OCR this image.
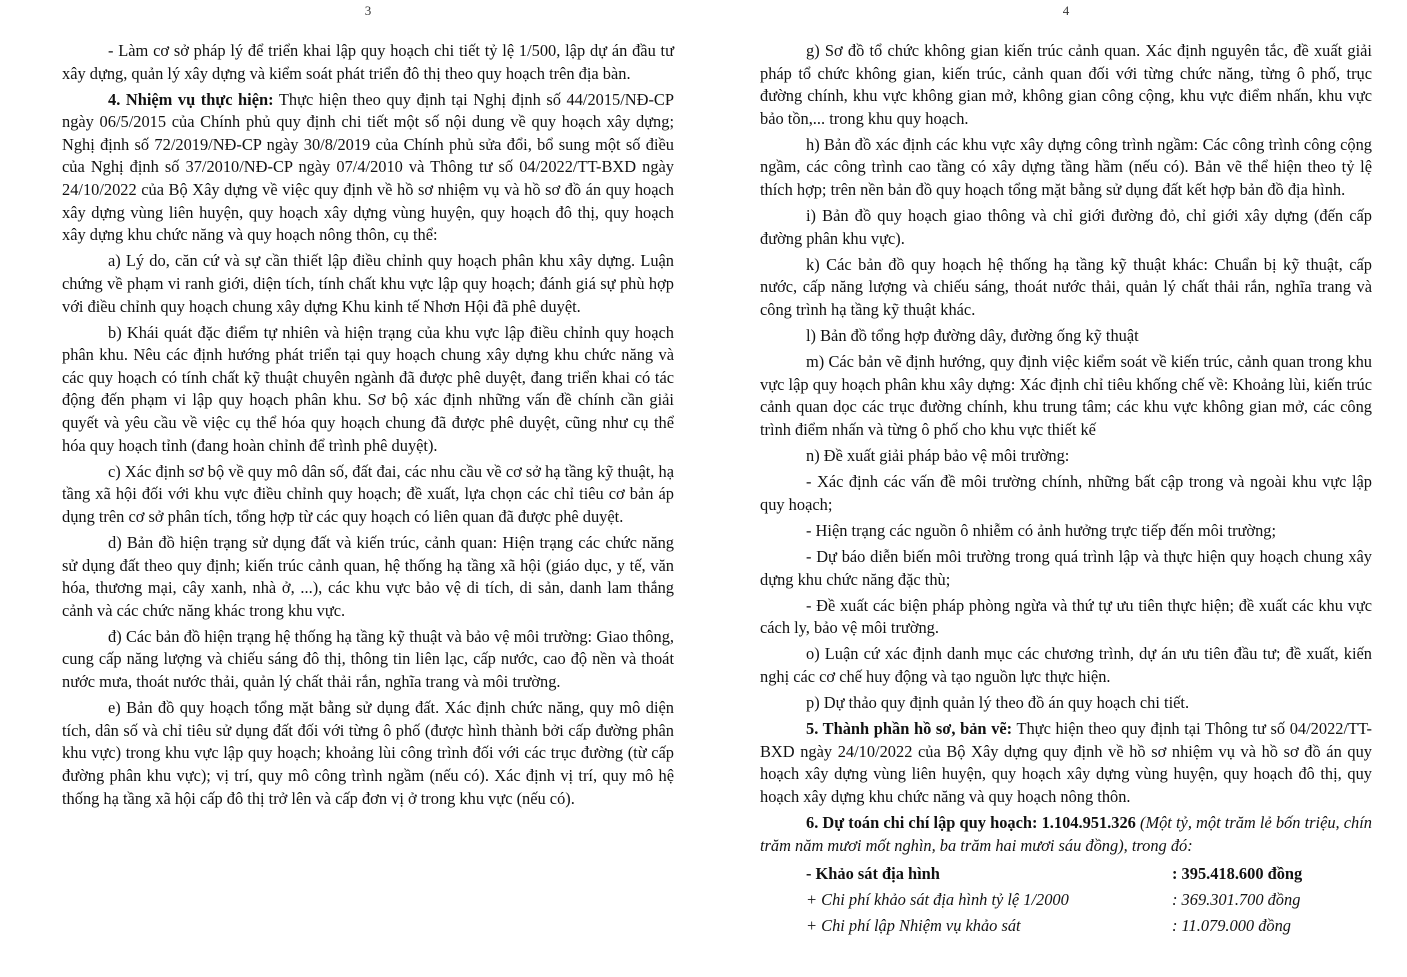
3

- Làm cơ sở pháp lý để triển khai lập quy hoạch chi tiết tỷ lệ 1/500, lập dự án đầu tư xây dựng, quản lý xây dựng và kiểm soát phát triển đô thị theo quy hoạch trên địa bàn.

4. Nhiệm vụ thực hiện: Thực hiện theo quy định tại Nghị định số 44/2015/NĐ-CP ngày 06/5/2015 của Chính phủ quy định chi tiết một số nội dung về quy hoạch xây dựng; Nghị định số 72/2019/NĐ-CP ngày 30/8/2019 của Chính phủ sửa đổi, bổ sung một số điều của Nghị định số 37/2010/NĐ-CP ngày 07/4/2010 và Thông tư số 04/2022/TT-BXD ngày 24/10/2022 của Bộ Xây dựng về việc quy định về hồ sơ nhiệm vụ và hồ sơ đồ án quy hoạch xây dựng vùng liên huyện, quy hoạch xây dựng vùng huyện, quy hoạch đô thị, quy hoạch xây dựng khu chức năng và quy hoạch nông thôn, cụ thể:

a) Lý do, căn cứ và sự cần thiết lập điều chỉnh quy hoạch phân khu xây dựng. Luận chứng về phạm vi ranh giới, diện tích, tính chất khu vực lập quy hoạch; đánh giá sự phù hợp với điều chỉnh quy hoạch chung xây dựng Khu kinh tế Nhơn Hội đã phê duyệt.

b) Khái quát đặc điểm tự nhiên và hiện trạng của khu vực lập điều chỉnh quy hoạch phân khu. Nêu các định hướng phát triển tại quy hoạch chung xây dựng khu chức năng và các quy hoạch có tính chất kỹ thuật chuyên ngành đã được phê duyệt, đang triển khai có tác động đến phạm vi lập quy hoạch phân khu. Sơ bộ xác định những vấn đề chính cần giải quyết và yêu cầu về việc cụ thể hóa quy hoạch chung đã được phê duyệt, cũng như cụ thể hóa quy hoạch tỉnh (đang hoàn chỉnh để trình phê duyệt).

c) Xác định sơ bộ về quy mô dân số, đất đai, các nhu cầu về cơ sở hạ tầng kỹ thuật, hạ tầng xã hội đối với khu vực điều chỉnh quy hoạch; đề xuất, lựa chọn các chỉ tiêu cơ bản áp dụng trên cơ sở phân tích, tổng hợp từ các quy hoạch có liên quan đã được phê duyệt.

d) Bản đồ hiện trạng sử dụng đất và kiến trúc, cảnh quan: Hiện trạng các chức năng sử dụng đất theo quy định; kiến trúc cảnh quan, hệ thống hạ tầng xã hội (giáo dục, y tế, văn hóa, thương mại, cây xanh, nhà ở, ...), các khu vực bảo vệ di tích, di sản, danh lam thắng cảnh và các chức năng khác trong khu vực.

đ) Các bản đồ hiện trạng hệ thống hạ tầng kỹ thuật và bảo vệ môi trường: Giao thông, cung cấp năng lượng và chiếu sáng đô thị, thông tin liên lạc, cấp nước, cao độ nền và thoát nước mưa, thoát nước thải, quản lý chất thải rắn, nghĩa trang và môi trường.

e) Bản đồ quy hoạch tổng mặt bằng sử dụng đất. Xác định chức năng, quy mô diện tích, dân số và chỉ tiêu sử dụng đất đối với từng ô phố (được hình thành bởi cấp đường phân khu vực) trong khu vực lập quy hoạch; khoảng lùi công trình đối với các trục đường (từ cấp đường phân khu vực); vị trí, quy mô công trình ngầm (nếu có). Xác định vị trí, quy mô hệ thống hạ tầng xã hội cấp đô thị trở lên và cấp đơn vị ở trong khu vực (nếu có).

4

g) Sơ đồ tổ chức không gian kiến trúc cảnh quan. Xác định nguyên tắc, đề xuất giải pháp tổ chức không gian, kiến trúc, cảnh quan đối với từng chức năng, từng ô phố, trục đường chính, khu vực không gian mở, không gian công cộng, khu vực điểm nhấn, khu vực bảo tồn,... trong khu quy hoạch.

h) Bản đồ xác định các khu vực xây dựng công trình ngầm: Các công trình công cộng ngầm, các công trình cao tầng có xây dựng tầng hầm (nếu có). Bản vẽ thể hiện theo tỷ lệ thích hợp; trên nền bản đồ quy hoạch tổng mặt bằng sử dụng đất kết hợp bản đồ địa hình.

i) Bản đồ quy hoạch giao thông và chỉ giới đường đỏ, chỉ giới xây dựng (đến cấp đường phân khu vực).

k) Các bản đồ quy hoạch hệ thống hạ tầng kỹ thuật khác: Chuẩn bị kỹ thuật, cấp nước, cấp năng lượng và chiếu sáng, thoát nước thải, quản lý chất thải rắn, nghĩa trang và công trình hạ tầng kỹ thuật khác.

l) Bản đồ tổng hợp đường dây, đường ống kỹ thuật

m) Các bản vẽ định hướng, quy định việc kiểm soát về kiến trúc, cảnh quan trong khu vực lập quy hoạch phân khu xây dựng: Xác định chỉ tiêu khống chế về: Khoảng lùi, kiến trúc cảnh quan dọc các trục đường chính, khu trung tâm; các khu vực không gian mở, các công trình điểm nhấn và từng ô phố cho khu vực thiết kế

n) Đề xuất giải pháp bảo vệ môi trường:

- Xác định các vấn đề môi trường chính, những bất cập trong và ngoài khu vực lập quy hoạch;

- Hiện trạng các nguồn ô nhiễm có ảnh hưởng trực tiếp đến môi trường;

- Dự báo diễn biến môi trường trong quá trình lập và thực hiện quy hoạch chung xây dựng khu chức năng đặc thù;

- Đề xuất các biện pháp phòng ngừa và thứ tự ưu tiên thực hiện; đề xuất các khu vực cách ly, bảo vệ môi trường.

o) Luận cứ xác định danh mục các chương trình, dự án ưu tiên đầu tư; đề xuất, kiến nghị các cơ chế huy động và tạo nguồn lực thực hiện.

p) Dự thảo quy định quản lý theo đồ án quy hoạch chi tiết.

5. Thành phần hồ sơ, bản vẽ: Thực hiện theo quy định tại Thông tư số 04/2022/TT-BXD ngày 24/10/2022 của Bộ Xây dựng quy định về hồ sơ nhiệm vụ và hồ sơ đồ án quy hoạch xây dựng vùng liên huyện, quy hoạch xây dựng vùng huyện, quy hoạch đô thị, quy hoạch xây dựng khu chức năng và quy hoạch nông thôn.

6. Dự toán chi chí lập quy hoạch: 1.104.951.326 (Một tỷ, một trăm lẻ bốn triệu, chín trăm năm mươi mốt nghìn, ba trăm hai mươi sáu đồng), trong đó:

- Khảo sát địa hình	: 395.418.600 đồng
+ Chi phí khảo sát địa hình tỷ lệ 1/2000	: 369.301.700 đồng
+ Chi phí lập Nhiệm vụ khảo sát	: 11.079.000 đồng
